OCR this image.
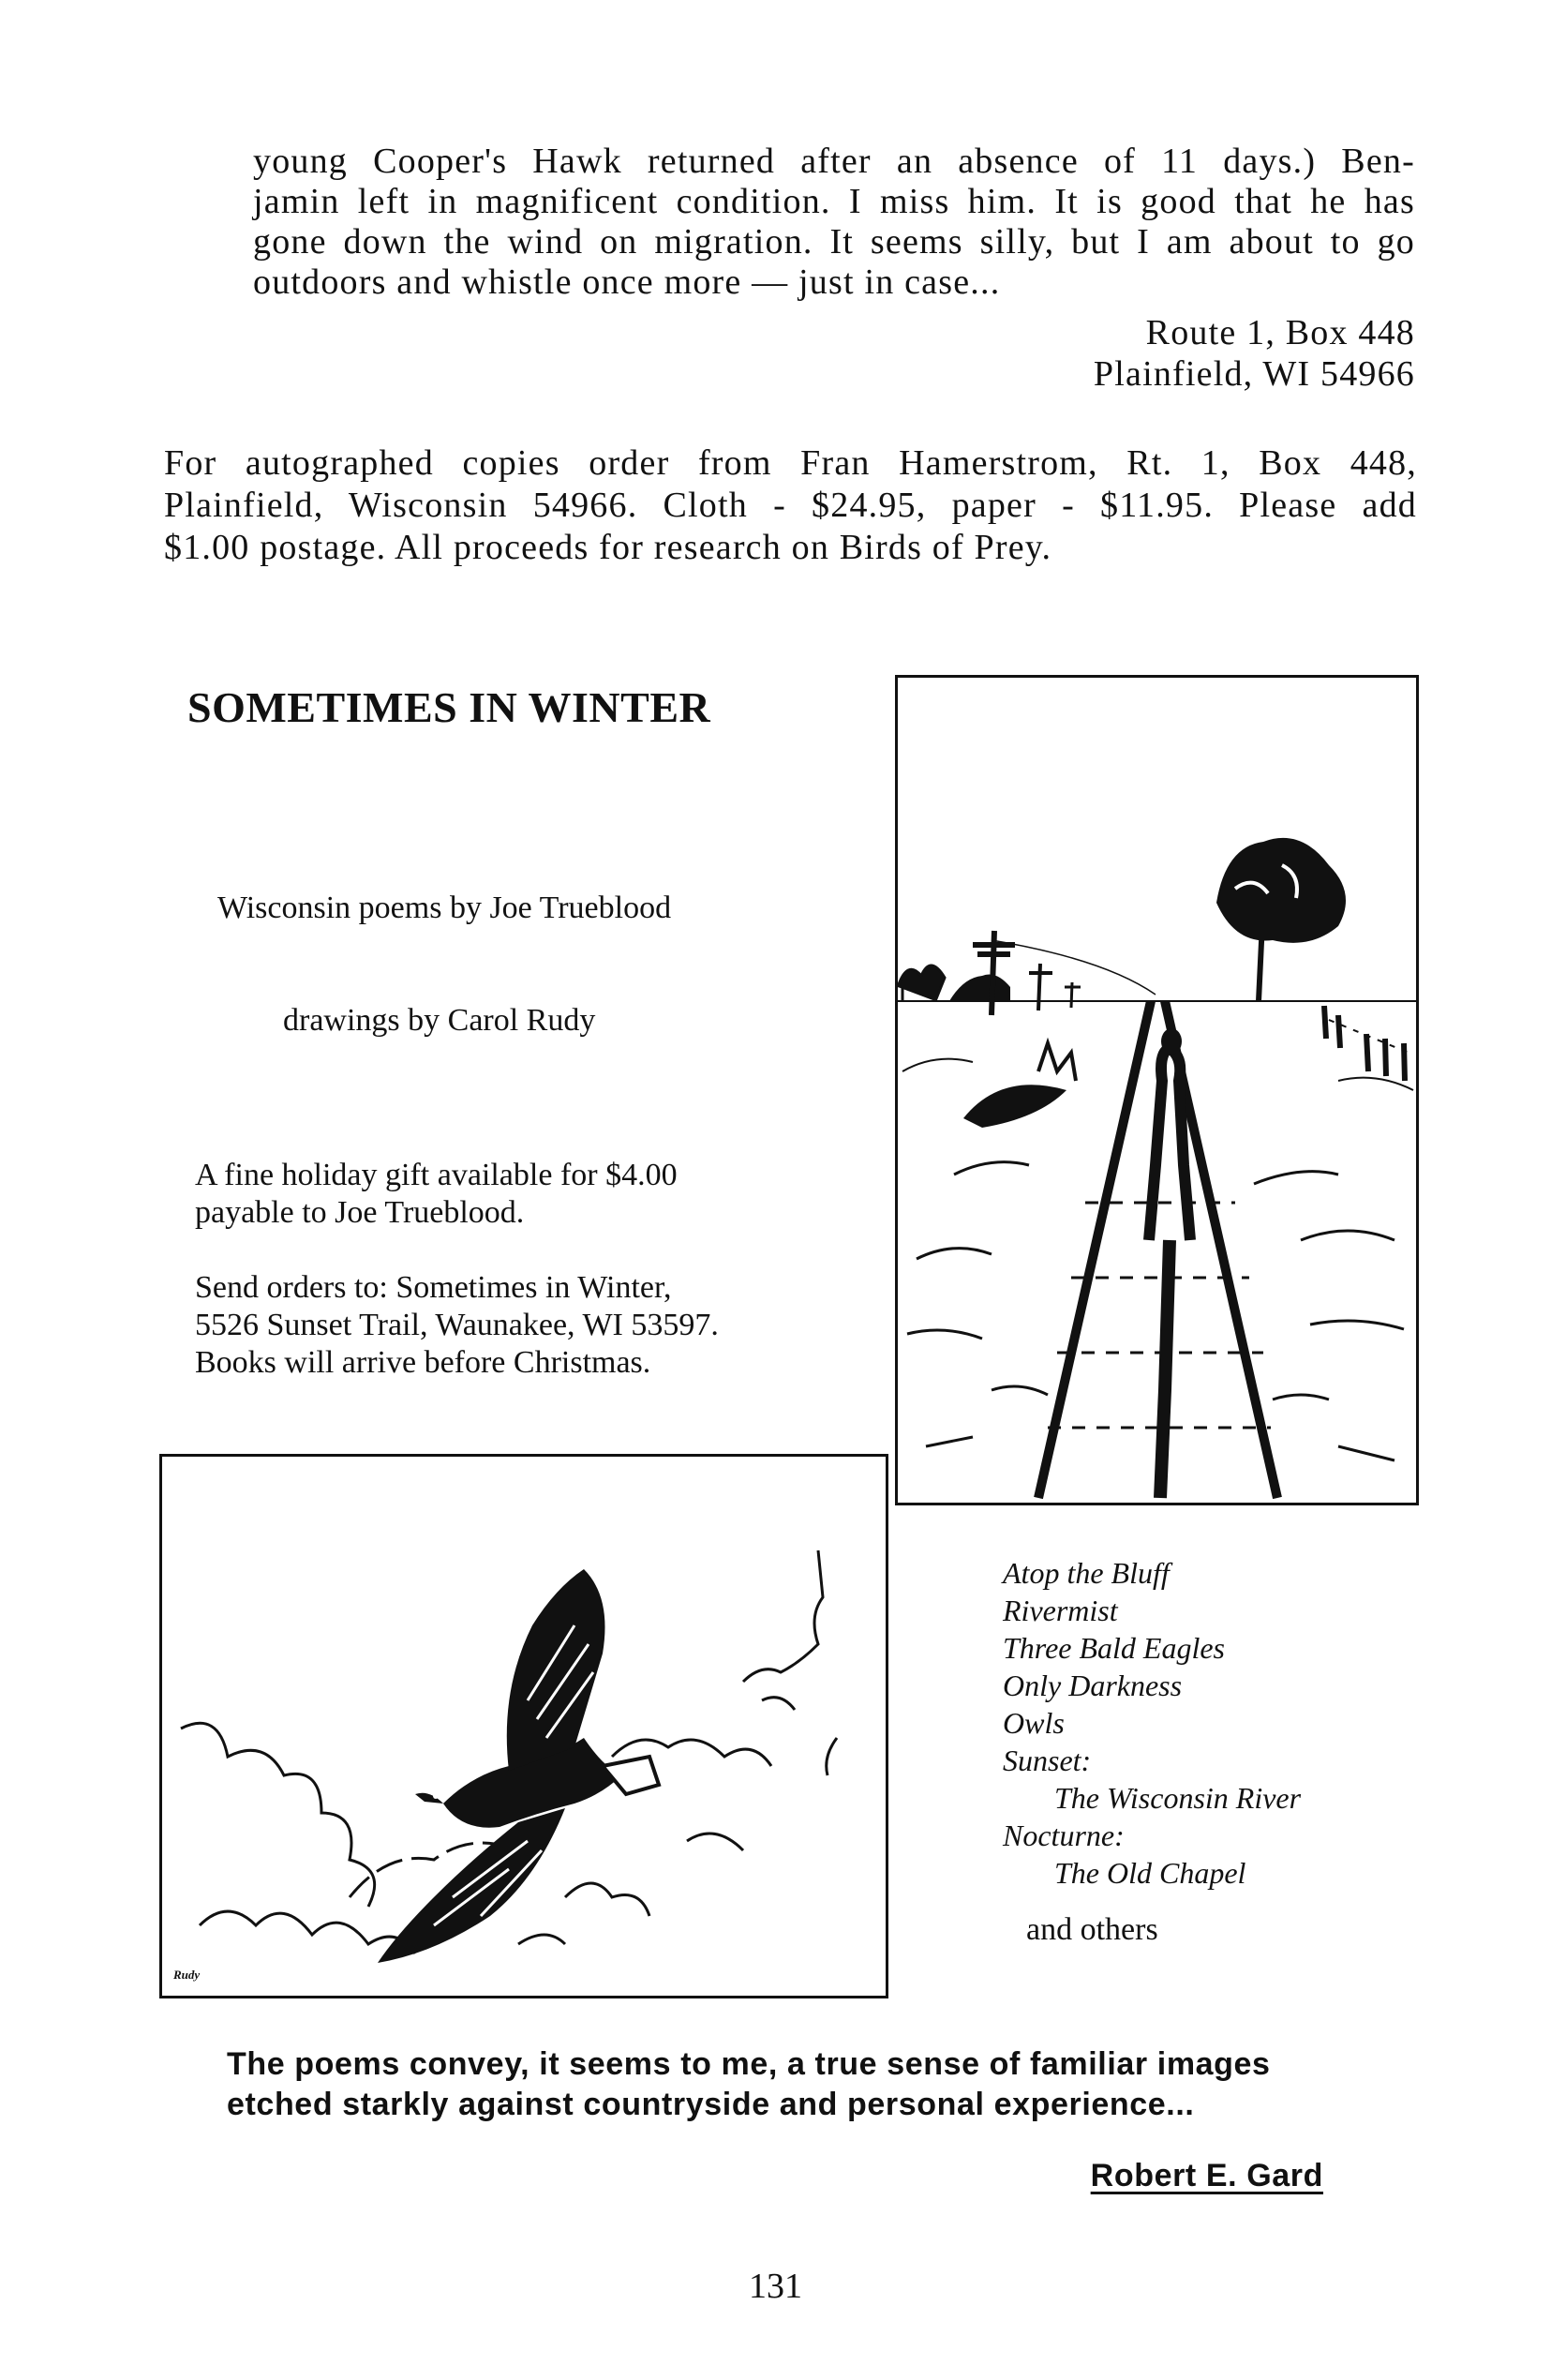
young Cooper's Hawk returned after an absence of 11 days.) Ben-
jamin left in magnificent condition. I miss him. It is good that he has
gone down the wind on migration. It seems silly, but I am about to go
outdoors and whistle once more — just in case...
Route 1, Box 448
Plainfield, WI 54966
For autographed copies order from Fran Hamerstrom, Rt. 1, Box 448,
Plainfield, Wisconsin 54966. Cloth - $24.95, paper - $11.95. Please add
$1.00 postage. All proceeds for research on Birds of Prey.
SOMETIMES IN WINTER
Wisconsin poems by Joe Trueblood
drawings by Carol Rudy
A fine holiday gift available for $4.00
payable to Joe Trueblood.
Send orders to: Sometimes in Winter,
5526 Sunset Trail, Waunakee, WI 53597.
Books will arrive before Christmas.
Rudy
Atop the Bluff
Rivermist
Three Bald Eagles
Only Darkness
Owls
Sunset:
The Wisconsin River
Nocturne:
The Old Chapel
and others
The poems convey, it seems to me, a true sense of familiar images
etched starkly against countryside and personal experience...
Robert E. Gard
131
